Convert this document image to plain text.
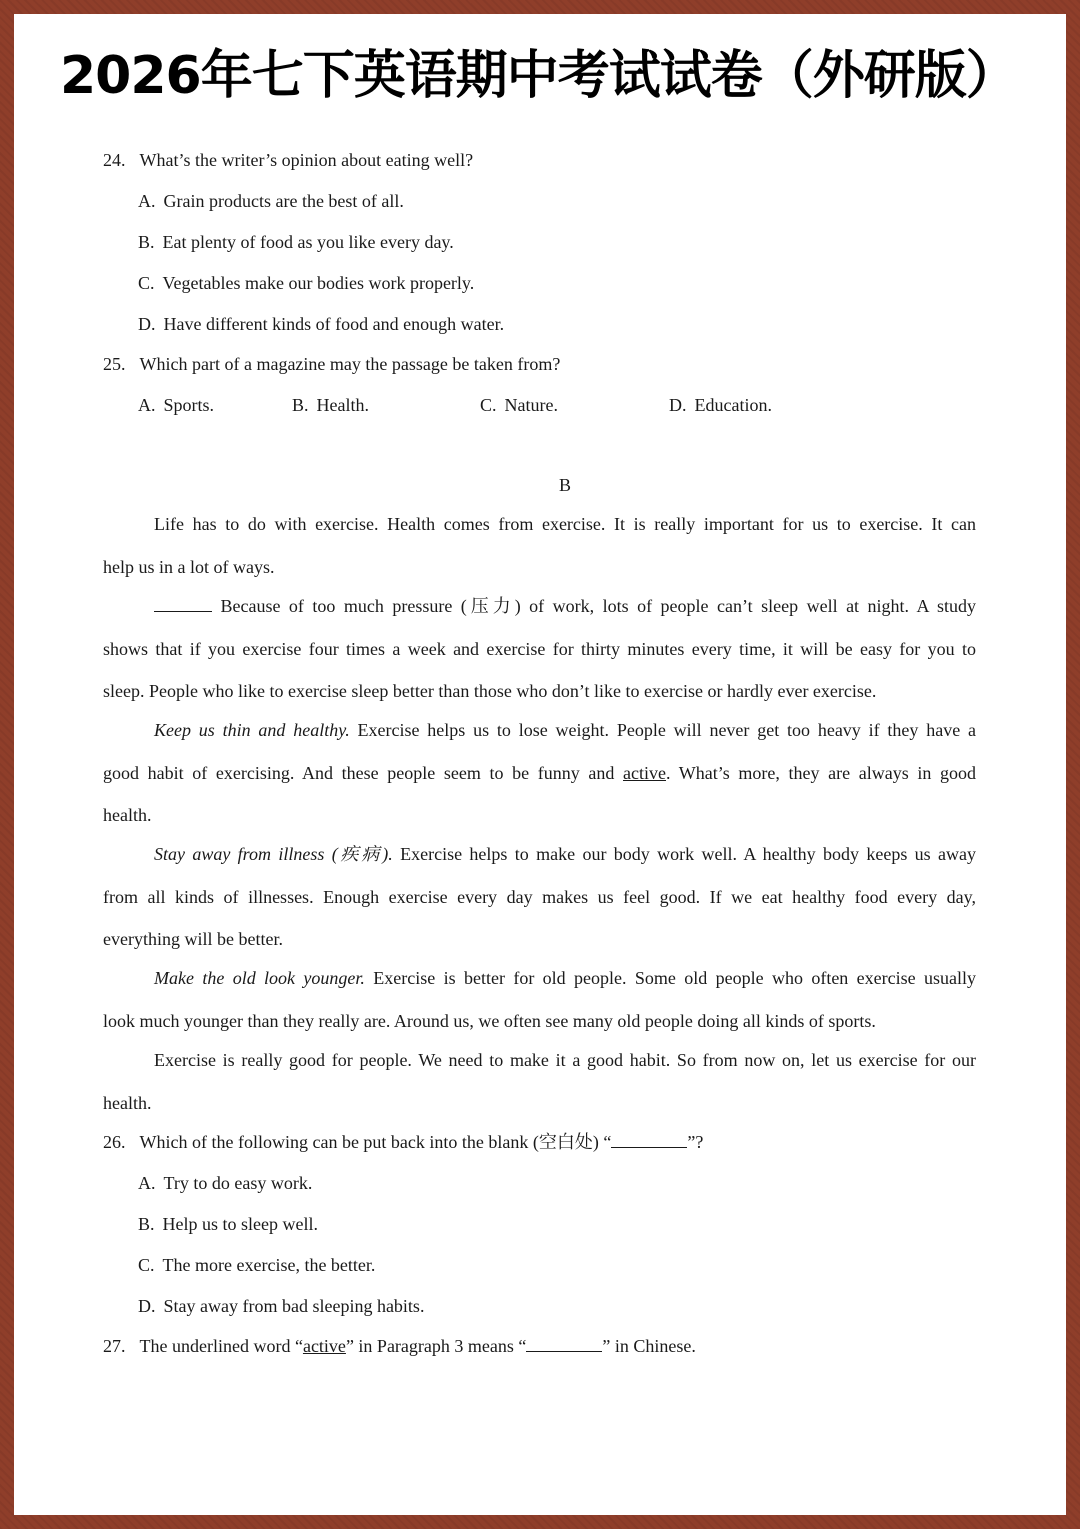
2026年七下英语期中考试试卷（外研版）
24. What’s the writer’s opinion about eating well?
A. Grain products are the best of all.
B. Eat plenty of food as you like every day.
C. Vegetables make our bodies work properly.
D. Have different kinds of food and enough water.
25. Which part of a magazine may the passage be taken from?
A. Sports.	B. Health.	C. Nature.	D. Education.
B
Life has to do with exercise. Health comes from exercise. It is really important for us to exercise. It can
help us in a lot of ways.
Because of too much pressure (压力) of work, lots of people can’t sleep well at night. A study
shows that if you exercise four times a week and exercise for thirty minutes every time, it will be easy for you to
sleep. People who like to exercise sleep better than those who don’t like to exercise or hardly ever exercise.
Keep us thin and healthy. Exercise helps us to lose weight. People will never get too heavy if they have a
good habit of exercising. And these people seem to be funny and active. What’s more, they are always in good
health.
Stay away from illness (疾病). Exercise helps to make our body work well. A healthy body keeps us away
from all kinds of illnesses. Enough exercise every day makes us feel good. If we eat healthy food every day,
everything will be better.
Make the old look younger. Exercise is better for old people. Some old people who often exercise usually
look much younger than they really are. Around us, we often see many old people doing all kinds of sports.
Exercise is really good for people. We need to make it a good habit. So from now on, let us exercise for our
health.
26. Which of the following can be put back into the blank (空白处) “	”?
A. Try to do easy work.
B. Help us to sleep well.
C. The more exercise, the better.
D. Stay away from bad sleeping habits.
27. The underlined word “active” in Paragraph 3 means “	” in Chinese.
